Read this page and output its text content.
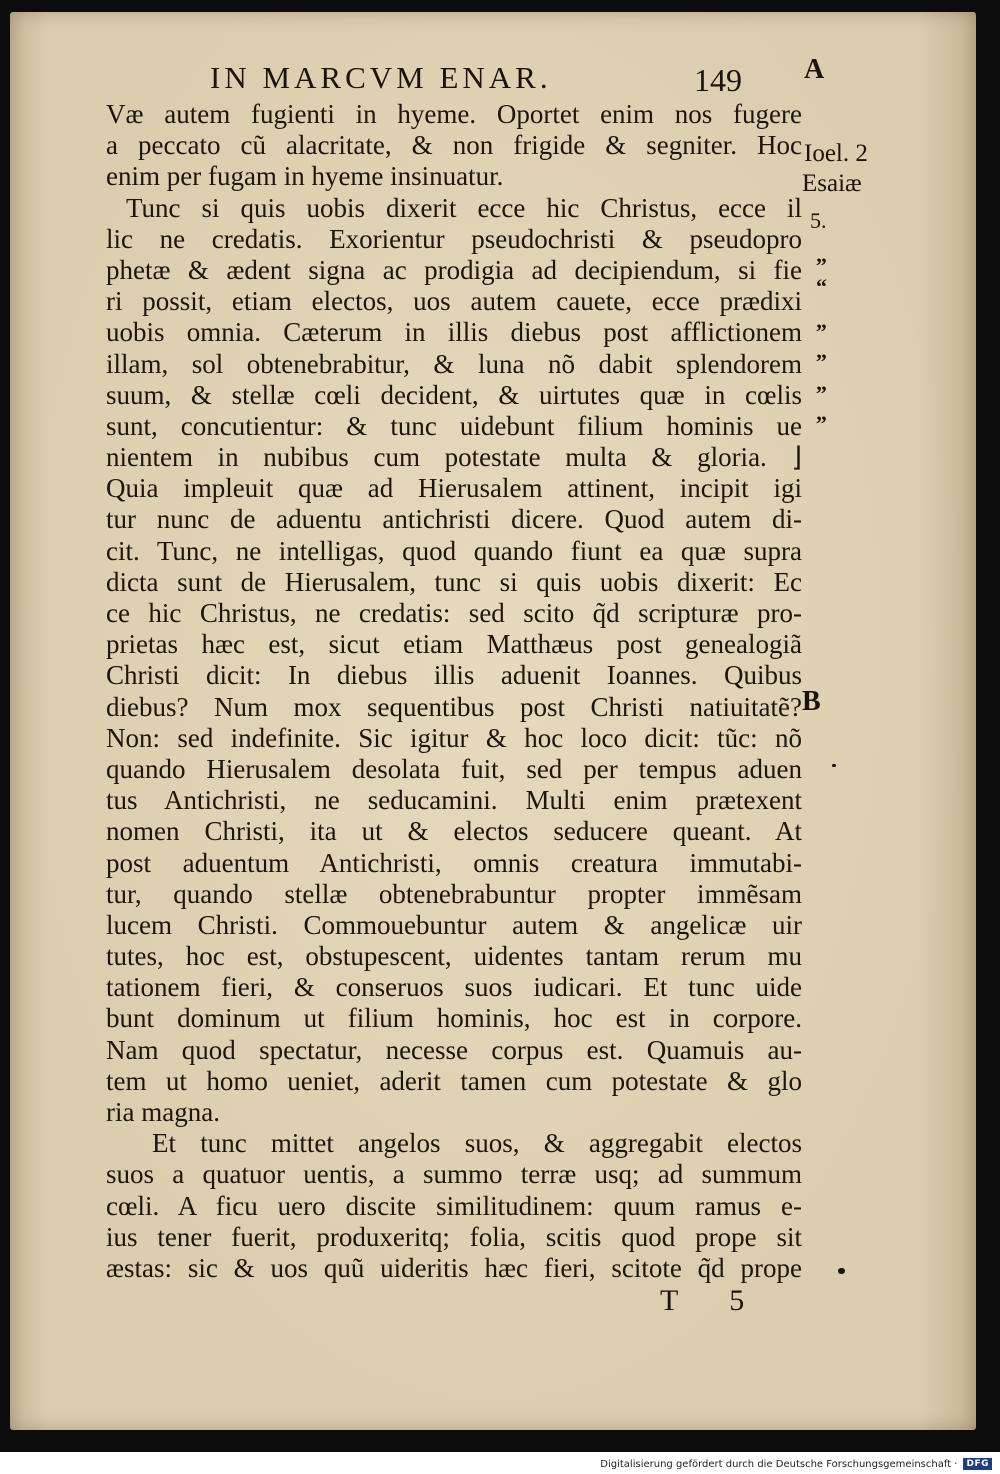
IN MARCVM ENAR.	149 A
B
Væ autem fugienti in hyeme. Oportet enim nos fugere
a peccato cũ alacritate, & non frigide & segniter. Hoc
enim per fugam in hyeme insinuatur.
Tunc si quis uobis dixerit ecce hic Christus, ecce il
lic ne credatis. Exorientur pseudochristi & pseudopro
phetæ & ædent signa ac prodigia ad decipiendum, si fie
ri possit, etiam electos, uos autem cauete, ecce prædixi
uobis omnia. Cæterum in illis diebus post afflictionem
illam, sol obtenebrabitur, & luna nõ dabit splendorem
suum, & stellæ cœli decident, & uirtutes quæ in cœlis
sunt, concutientur: & tunc uidebunt filium hominis ue
nientem in nubibus cum potestate multa & gloria. ⌋
Quia impleuit quæ ad Hierusalem attinent, incipit igi
tur nunc de aduentu antichristi dicere. Quod autem di-
cit. Tunc, ne intelligas, quod quando fiunt ea quæ supra
dicta sunt de Hierusalem, tunc si quis uobis dixerit: Ec
ce hic Christus, ne credatis: sed scito q̃d scripturæ pro-
prietas hæc est, sicut etiam Matthæus post genealogiã
Christi dicit: In diebus illis aduenit Ioannes. Quibus
diebus? Num mox sequentibus post Christi natiuitatẽ?
Non: sed indefinite. Sic igitur & hoc loco dicit: tũc: nõ
quando Hierusalem desolata fuit, sed per tempus aduen
tus Antichristi, ne seducamini. Multi enim prætexent
nomen Christi, ita ut & electos seducere queant. At
post aduentum Antichristi, omnis creatura immutabi-
tur, quando stellæ obtenebrabuntur propter immẽsam
lucem Christi. Commouebuntur autem & angelicæ uir
tutes, hoc est, obstupescent, uidentes tantam rerum mu
tationem fieri, & conseruos suos iudicari. Et tunc uide
bunt dominum ut filium hominis, hoc est in corpore.
Nam quod spectatur, necesse corpus est. Quamuis au-
tem ut homo ueniet, aderit tamen cum potestate & glo
ria magna.
Et tunc mittet angelos suos, & aggregabit electos
suos a quatuor uentis, a summo terræ usq; ad summum
cœli. A ficu uero discite similitudinem: quum ramus e-
ius tener fuerit, produxeritq; folia, scitis quod prope sit
æstas: sic & uos quũ uideritis hæc fieri, scitote q̃d prope
Ioel. 2
Esaiæ
5.
„
“
„
„
„
„
T 5
Digitalisierung gefördert durch die Deutsche Forschungsgemeinschaft ·	DFG
